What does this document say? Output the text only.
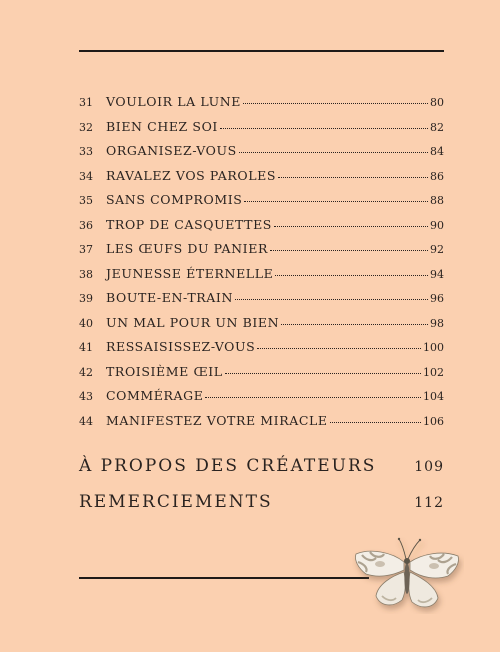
31	VOULOIR LA LUNE	80
32	BIEN CHEZ SOI	82
33	ORGANISEZ-VOUS	84
34	RAVALEZ VOS PAROLES	86
35	SANS COMPROMIS	88
36	TROP DE CASQUETTES	90
37	LES ŒUFS DU PANIER	92
38	JEUNESSE ÉTERNELLE	94
39	BOUTE-EN-TRAIN	96
40	UN MAL POUR UN BIEN	98
41	RESSAISISSEZ-VOUS	100
42	TROISIÈME ŒIL	102
43	COMMÉRAGE	104
44	MANIFESTEZ VOTRE MIRACLE	106
À PROPOS DES CRÉATEURS	109
REMERCIEMENTS	112
